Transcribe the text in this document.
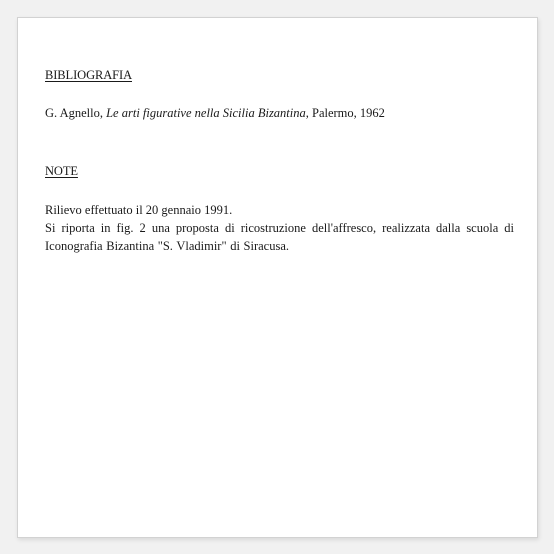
BIBLIOGRAFIA
G. Agnello, Le arti figurative nella Sicilia Bizantina, Palermo, 1962
NOTE

Rilievo effettuato il 20 gennaio 1991.

Si riporta in fig. 2 una proposta di ricostruzione dell'affresco, realizzata dalla scuola di Iconografia Bizantina "S. Vladimir" di Siracusa.
